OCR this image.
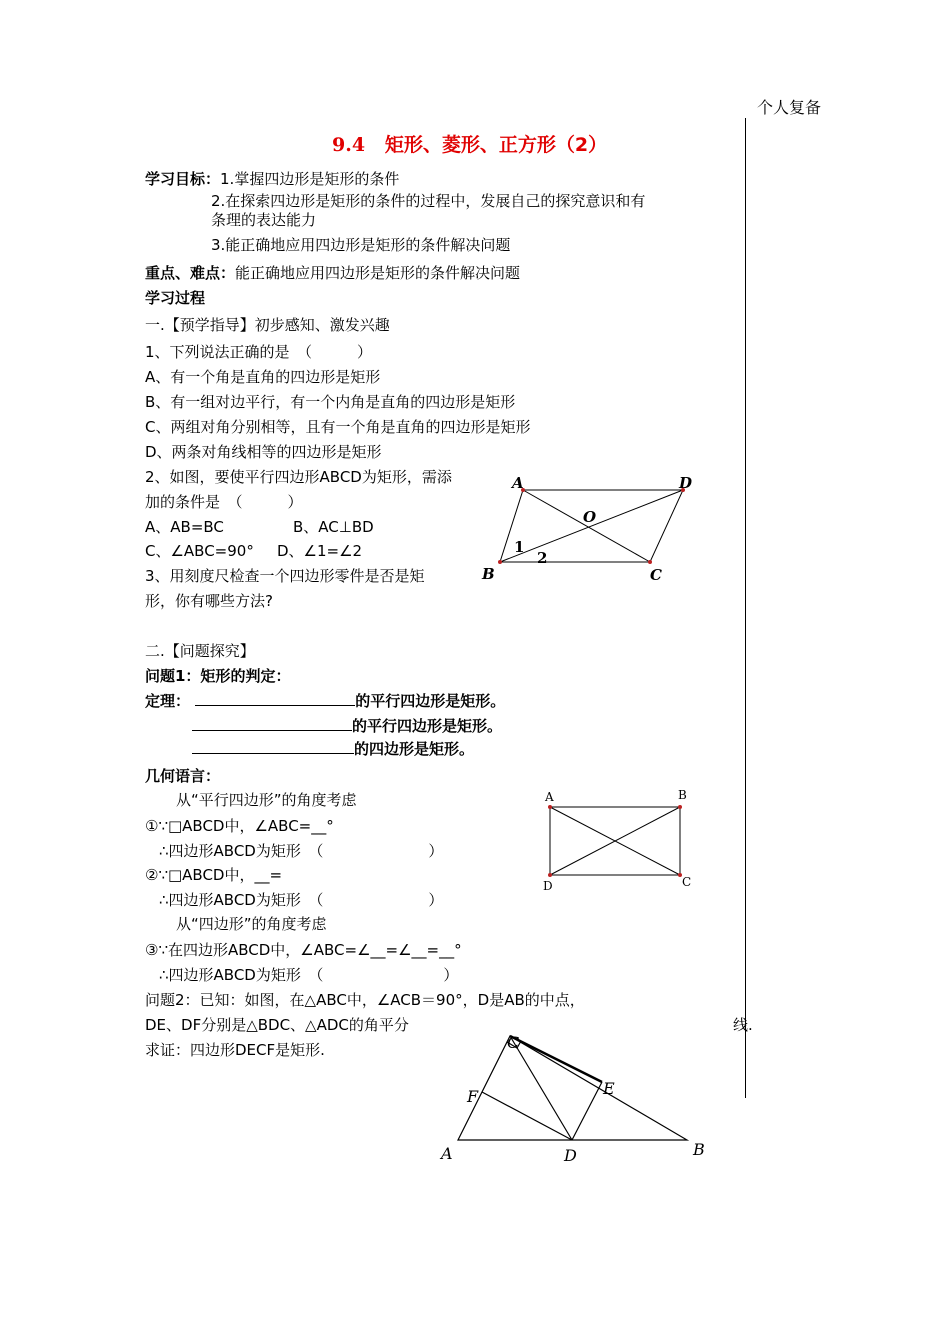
个人复备
9.4 矩形、菱形、正方形（2）
学习目标：1.掌握四边形是矩形的条件
2.在探索四边形是矩形的条件的过程中，发展自己的探究意识和有
条理的表达能力
3.能正确地应用四边形是矩形的条件解决问题
重点、难点：能正确地应用四边形是矩形的条件解决问题
学习过程
一.【预学指导】初步感知、激发兴趣
1、下列说法正确的是　（　　　）
A、有一个角是直角的四边形是矩形
B、有一组对边平行，有一个内角是直角的四边形是矩形
C、两组对角分别相等，且有一个角是直角的四边形是矩形
D、两条对角线相等的四边形是矩形
2、如图，要使平行四边形ABCD为矩形，需添
加的条件是　（　　　）
A、AB=BC	B、AC⊥BD
C、∠ABC=90° D、∠1=∠2
3、用刻度尺检查一个四边形零件是否是矩
形，你有哪些方法?
A	D
O
B	C
1
2
二.【问题探究】
问题1：矩形的判定：
定理：	的平行四边形是矩形。
的平行四边形是矩形。
的四边形是矩形。
几何语言：
从“平行四边形”的角度考虑
①∵□ABCD中，∠ABC=__°
∴四边形ABCD为矩形　（　　　　　　　）
②∵□ABCD中，__=
∴四边形ABCD为矩形　（　　　　　　　）
从“四边形”的角度考虑
③∵在四边形ABCD中，∠ABC=∠__=∠__=__°
∴四边形ABCD为矩形　（　　　　　　　　）
A	B
C
D
问题2：已知：如图，在△ABC中，∠ACB＝90°，D是AB的中点，
DE、DF分别是△BDC、△ADC的角平分	线.
求证：四边形DECF是矩形.	C
F	E
A	D	B
